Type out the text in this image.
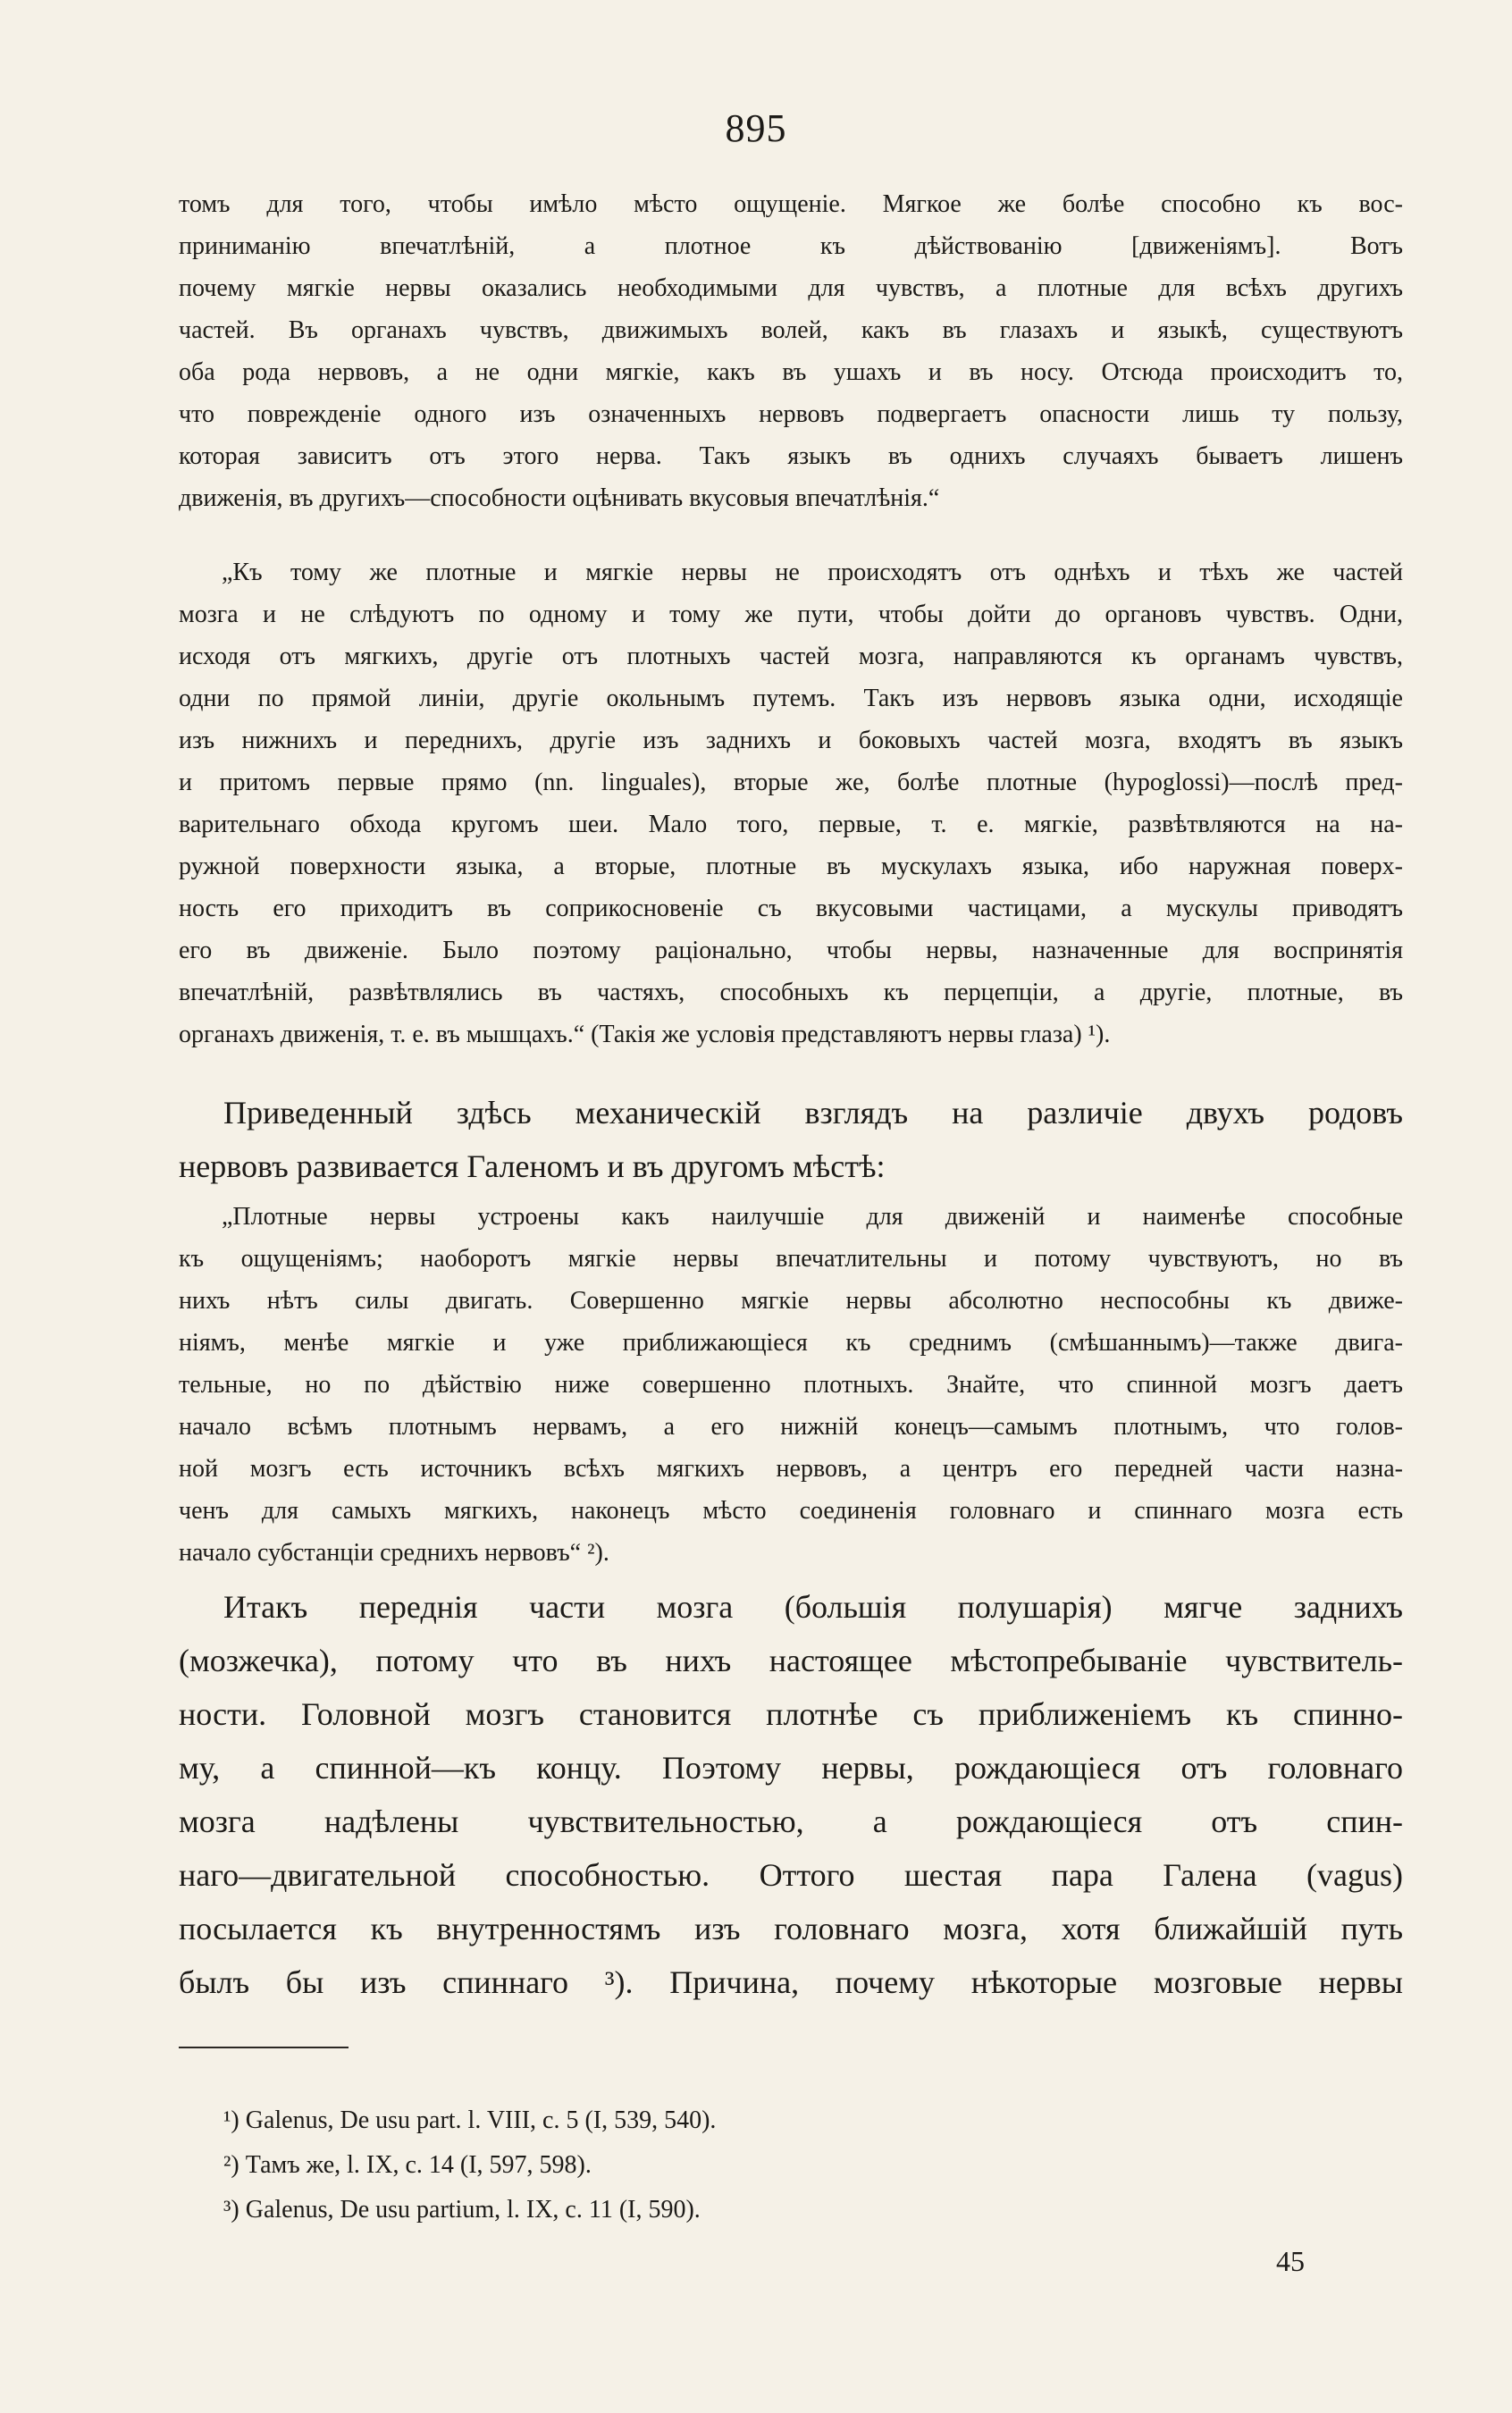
895
томъ для того, чтобы имѣло мѣсто ощущеніе. Мягкое же болѣе способно къ вос-
приниманію впечатлѣній, а плотное къ дѣйствованію [движеніямъ]. Вотъ
почему мягкіе нервы оказались необходимыми для чувствъ, а плотные для всѣхъ другихъ
частей. Въ органахъ чувствъ, движимыхъ волей, какъ въ глазахъ и языкѣ, существуютъ
оба рода нервовъ, а не одни мягкіе, какъ въ ушахъ и въ носу. Отсюда происходитъ то,
что поврежденіе одного изъ означенныхъ нервовъ подвергаетъ опасности лишь ту пользу,
которая зависитъ отъ этого нерва. Такъ языкъ въ однихъ случаяхъ бываетъ лишенъ
движенія, въ другихъ—способности оцѣнивать вкусовыя впечатлѣнія.“
„Къ тому же плотные и мягкіе нервы не происходятъ отъ однѣхъ и тѣхъ же частей
мозга и не слѣдуютъ по одному и тому же пути, чтобы дойти до органовъ чувствъ. Одни,
исходя отъ мягкихъ, другіе отъ плотныхъ частей мозга, направляются къ органамъ чувствъ,
одни по прямой линіи, другіе окольнымъ путемъ. Такъ изъ нервовъ языка одни, исходящіе
изъ нижнихъ и переднихъ, другіе изъ заднихъ и боковыхъ частей мозга, входятъ въ языкъ
и притомъ первые прямо (nn. linguales), вторые же, болѣе плотные (hypoglossi)—послѣ пред-
варительнаго обхода кругомъ шеи. Мало того, первые, т. е. мягкіе, развѣтвляются на на-
ружной поверхности языка, а вторые, плотные въ мускулахъ языка, ибо наружная поверх-
ность его приходитъ въ соприкосновеніе съ вкусовыми частицами, а мускулы приводятъ
его въ движеніе. Было поэтому раціонально, чтобы нервы, назначенные для воспринятія
впечатлѣній, развѣтвлялись въ частяхъ, способныхъ къ перцепціи, а другіе, плотные, въ
органахъ движенія, т. е. въ мышцахъ.“ (Такія же условія представляютъ нервы глаза) ¹).
Приведенный здѣсь механическій взглядъ на различіе двухъ родовъ
нервовъ развивается Галеномъ и въ другомъ мѣстѣ:
„Плотные нервы устроены какъ наилучшіе для движеній и наименѣе способные
къ ощущеніямъ; наоборотъ мягкіе нервы впечатлительны и потому чувствуютъ, но въ
нихъ нѣтъ силы двигать. Совершенно мягкіе нервы абсолютно неспособны къ движе-
ніямъ, менѣе мягкіе и уже приближающіеся къ среднимъ (смѣшаннымъ)—также двига-
тельные, но по дѣйствію ниже совершенно плотныхъ. Знайте, что спинной мозгъ даетъ
начало всѣмъ плотнымъ нервамъ, а его нижній конецъ—самымъ плотнымъ, что голов-
ной мозгъ есть источникъ всѣхъ мягкихъ нервовъ, а центръ его передней части назна-
ченъ для самыхъ мягкихъ, наконецъ мѣсто соединенія головнаго и спиннаго мозга есть
начало субстанціи среднихъ нервовъ“ ²).
Итакъ переднія части мозга (большія полушарія) мягче заднихъ
(мозжечка), потому что въ нихъ настоящее мѣстопребываніе чувствитель-
ности. Головной мозгъ становится плотнѣе съ приближеніемъ къ спинно-
му, а спинной—къ концу. Поэтому нервы, рождающіеся отъ головнаго
мозга надѣлены чувствительностью, а рождающіеся отъ спин-
наго—двигательной способностью. Оттого шестая пара Галена (vagus)
посылается къ внутренностямъ изъ головнаго мозга, хотя ближайшій путь
былъ бы изъ спиннаго ³). Причина, почему нѣкоторые мозговые нервы
¹) Galenus, De usu part. l. VIII, c. 5 (I, 539, 540).
²) Тамъ же, l. IX, c. 14 (I, 597, 598).
³) Galenus, De usu partium, l. IX, c. 11 (I, 590).
45
